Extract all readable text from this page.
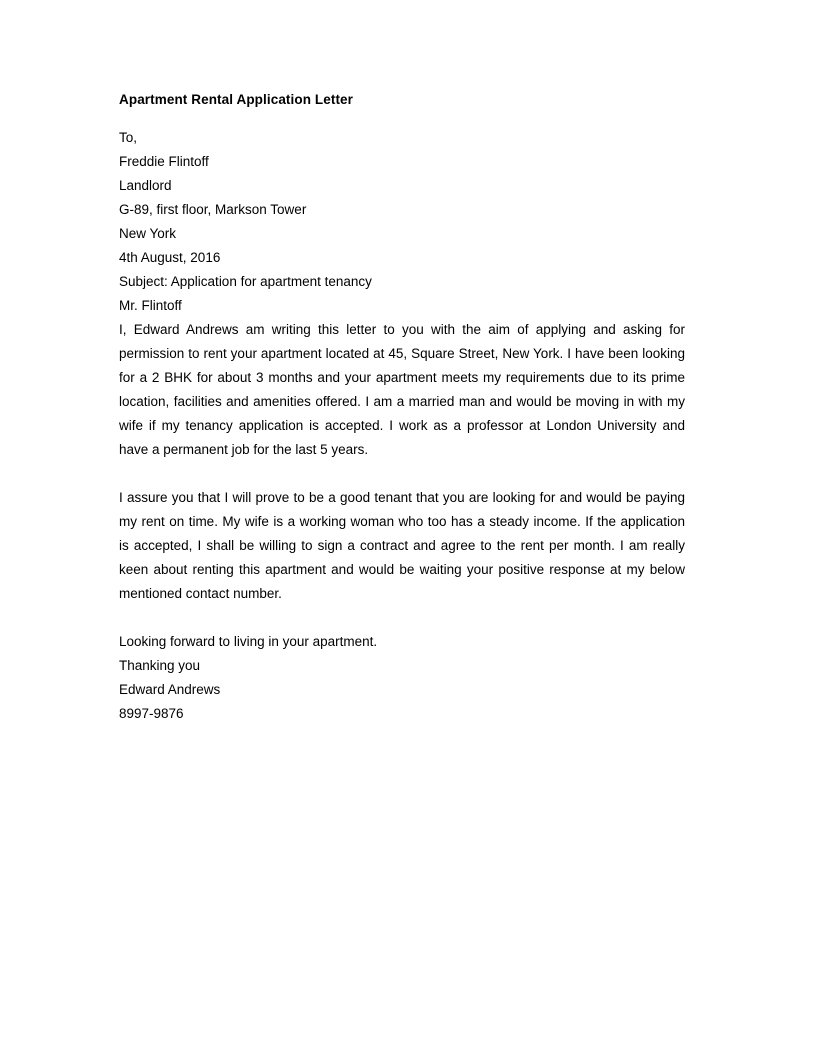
Apartment Rental Application Letter
To,
Freddie Flintoff
Landlord
G-89, first floor, Markson Tower
New York
4th August, 2016
Subject: Application for apartment tenancy
Mr. Flintoff

I, Edward Andrews am writing this letter to you with the aim of applying and asking for permission to rent your apartment located at 45, Square Street, New York. I have been looking for a 2 BHK for about 3 months and your apartment meets my requirements due to its prime location, facilities and amenities offered. I am a married man and would be moving in with my wife if my tenancy application is accepted. I work as a professor at London University and have a permanent job for the last 5 years.

I assure you that I will prove to be a good tenant that you are looking for and would be paying my rent on time. My wife is a working woman who too has a steady income. If the application is accepted, I shall be willing to sign a contract and agree to the rent per month. I am really keen about renting this apartment and would be waiting your positive response at my below mentioned contact number.

Looking forward to living in your apartment.
Thanking you
Edward Andrews
8997-9876
